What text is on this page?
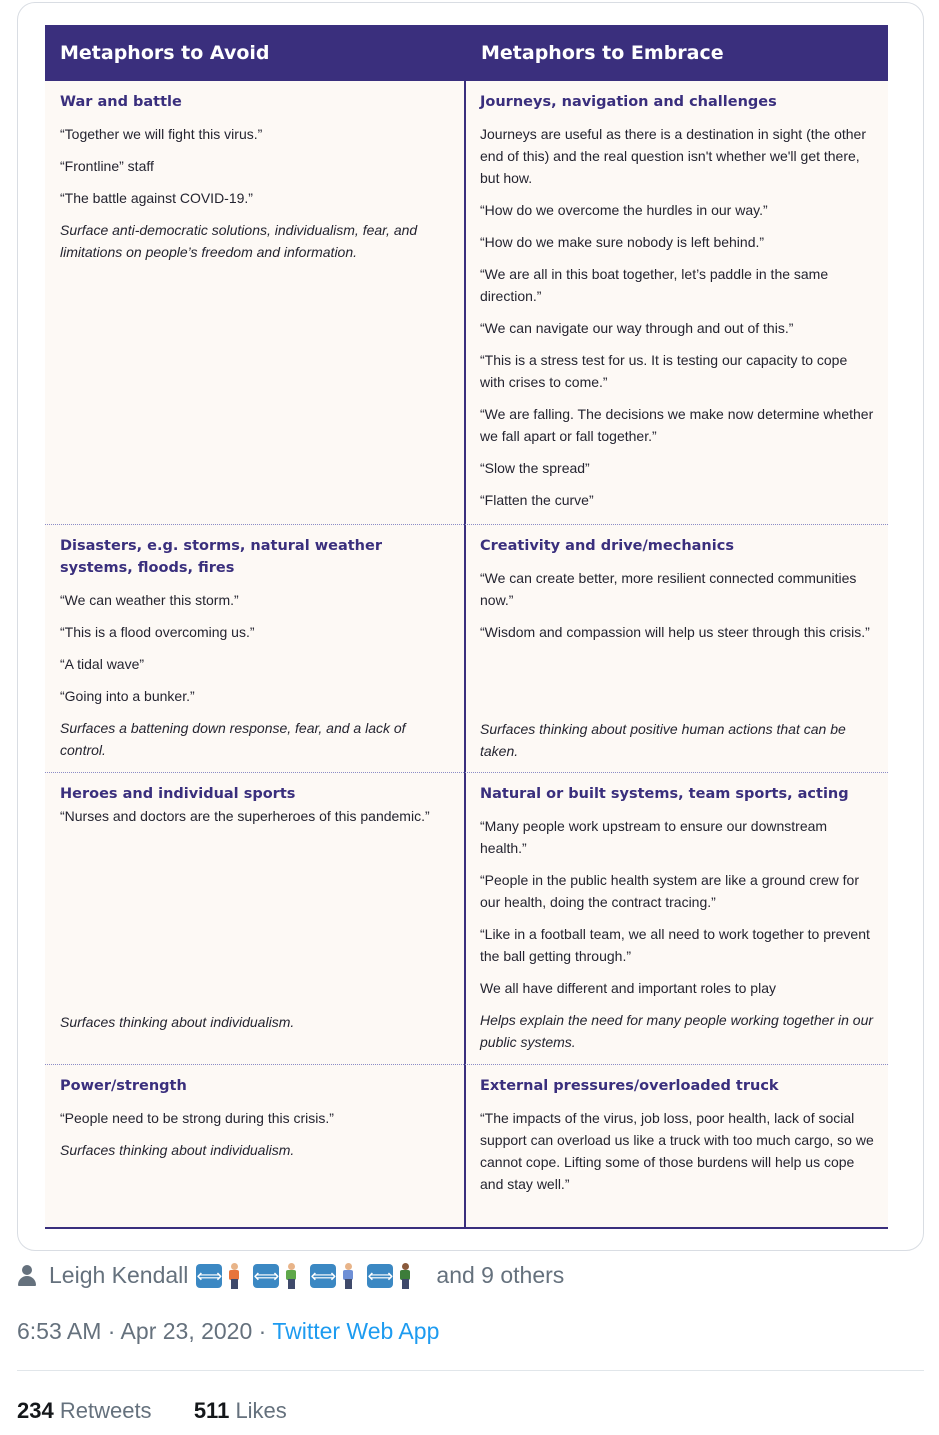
Metaphors to Avoid	Metaphors to Embrace
War and battle
“Together we will fight this virus.”
“Frontline” staff
“The battle against COVID-19.”
Surface anti-democratic solutions, individualism, fear, and limitations on people’s freedom and information.
Journeys, navigation and challenges
Journeys are useful as there is a destination in sight (the other end of this) and the real question isn't whether we'll get there, but how.
“How do we overcome the hurdles in our way.”
“How do we make sure nobody is left behind.”
“We are all in this boat together, let’s paddle in the same direction.”
“We can navigate our way through and out of this.”
“This is a stress test for us. It is testing our capacity to cope with crises to come.”
“We are falling. The decisions we make now determine whether we fall apart or fall together.”
“Slow the spread”
“Flatten the curve”
Disasters, e.g. storms, natural weather systems, floods, fires
“We can weather this storm.”
“This is a flood overcoming us.”
“A tidal wave”
“Going into a bunker.”
Surfaces a battening down response, fear, and a lack of control.
Creativity and drive/mechanics
“We can create better, more resilient connected communities now.”
“Wisdom and compassion will help us steer through this crisis.”
Surfaces thinking about positive human actions that can be taken.
Heroes and individual sports
“Nurses and doctors are the superheroes of this pandemic.”
Surfaces thinking about individualism.
Natural or built systems, team sports, acting
“Many people work upstream to ensure our downstream health.”
“People in the public health system are like a ground crew for our health, doing the contract tracing.”
“Like in a football team, we all need to work together to prevent the ball getting through.”
We all have different and important roles to play
Helps explain the need for many people working together in our public systems.
Power/strength
“People need to be strong during this crisis.”
Surfaces thinking about individualism.
External pressures/overloaded truck
“The impacts of the virus, job loss, poor health, lack of social support can overload us like a truck with too much cargo, so we cannot cope. Lifting some of those burdens will help us cope and stay well.”
Leigh Kendall ⟺ ⟺ ⟺ ⟺ and 9 others
6:53 AM · Apr 23, 2020 · Twitter Web App
234 Retweets 511 Likes
